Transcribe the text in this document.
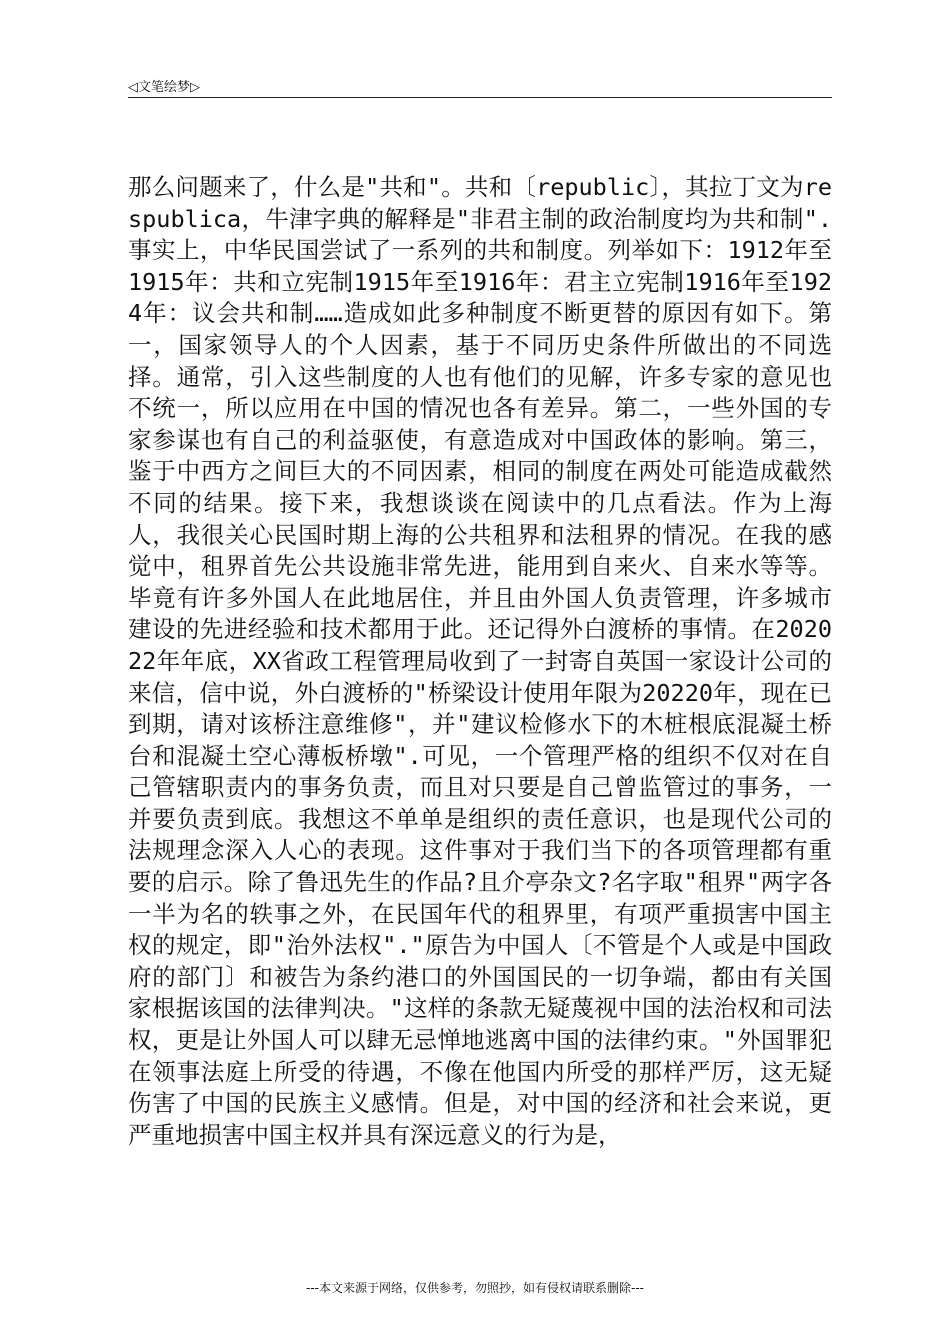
◁文笔绘梦▷

那么问题来了，什么是"共和"。共和〔republic〕，其拉丁文为respublica，牛津字典的解释是"非君主制的政治制度均为共和制".事实上，中华民国尝试了一系列的共和制度。列举如下：1912年至1915年：共和立宪制1915年至1916年：君主立宪制1916年至1924年：议会共和制……造成如此多种制度不断更替的原因有如下。第一，国家领导人的个人因素，基于不同历史条件所做出的不同选择。通常，引入这些制度的人也有他们的见解，许多专家的意见也不统一，所以应用在中国的情况也各有差异。第二，一些外国的专家参谋也有自己的利益驱使，有意造成对中国政体的影响。第三，鉴于中西方之间巨大的不同因素，相同的制度在两处可能造成截然不同的结果。接下来，我想谈谈在阅读中的几点看法。作为上海人，我很关心民国时期上海的公共租界和法租界的情况。在我的感觉中，租界首先公共设施非常先进，能用到自来火、自来水等等。毕竟有许多外国人在此地居住，并且由外国人负责管理，许多城市建设的先进经验和技术都用于此。还记得外白渡桥的事情。在202022年年底，XX省政工程管理局收到了一封寄自英国一家设计公司的来信，信中说，外白渡桥的"桥梁设计使用年限为20220年，现在已到期，请对该桥注意维修"，并"建议检修水下的木桩根底混凝土桥台和混凝土空心薄板桥墩".可见，一个管理严格的组织不仅对在自己管辖职责内的事务负责，而且对只要是自己曾监管过的事务，一并要负责到底。我想这不单单是组织的责任意识，也是现代公司的法规理念深入人心的表现。这件事对于我们当下的各项管理都有重要的启示。除了鲁迅先生的作品?且介亭杂文?名字取"租界"两字各一半为名的轶事之外，在民国年代的租界里，有项严重损害中国主权的规定，即"治外法权"."原告为中国人〔不管是个人或是中国政府的部门〕和被告为条约港口的外国国民的一切争端，都由有关国家根据该国的法律判决。"这样的条款无疑蔑视中国的法治权和司法权，更是让外国人可以肆无忌惮地逃离中国的法律约束。"外国罪犯在领事法庭上所受的待遇，不像在他国内所受的那样严厉，这无疑伤害了中国的民族主义感情。但是，对中国的经济和社会来说，更严重地损害中国主权并具有深远意义的行为是，

---本文来源于网络，仅供参考，勿照抄，如有侵权请联系删除---
